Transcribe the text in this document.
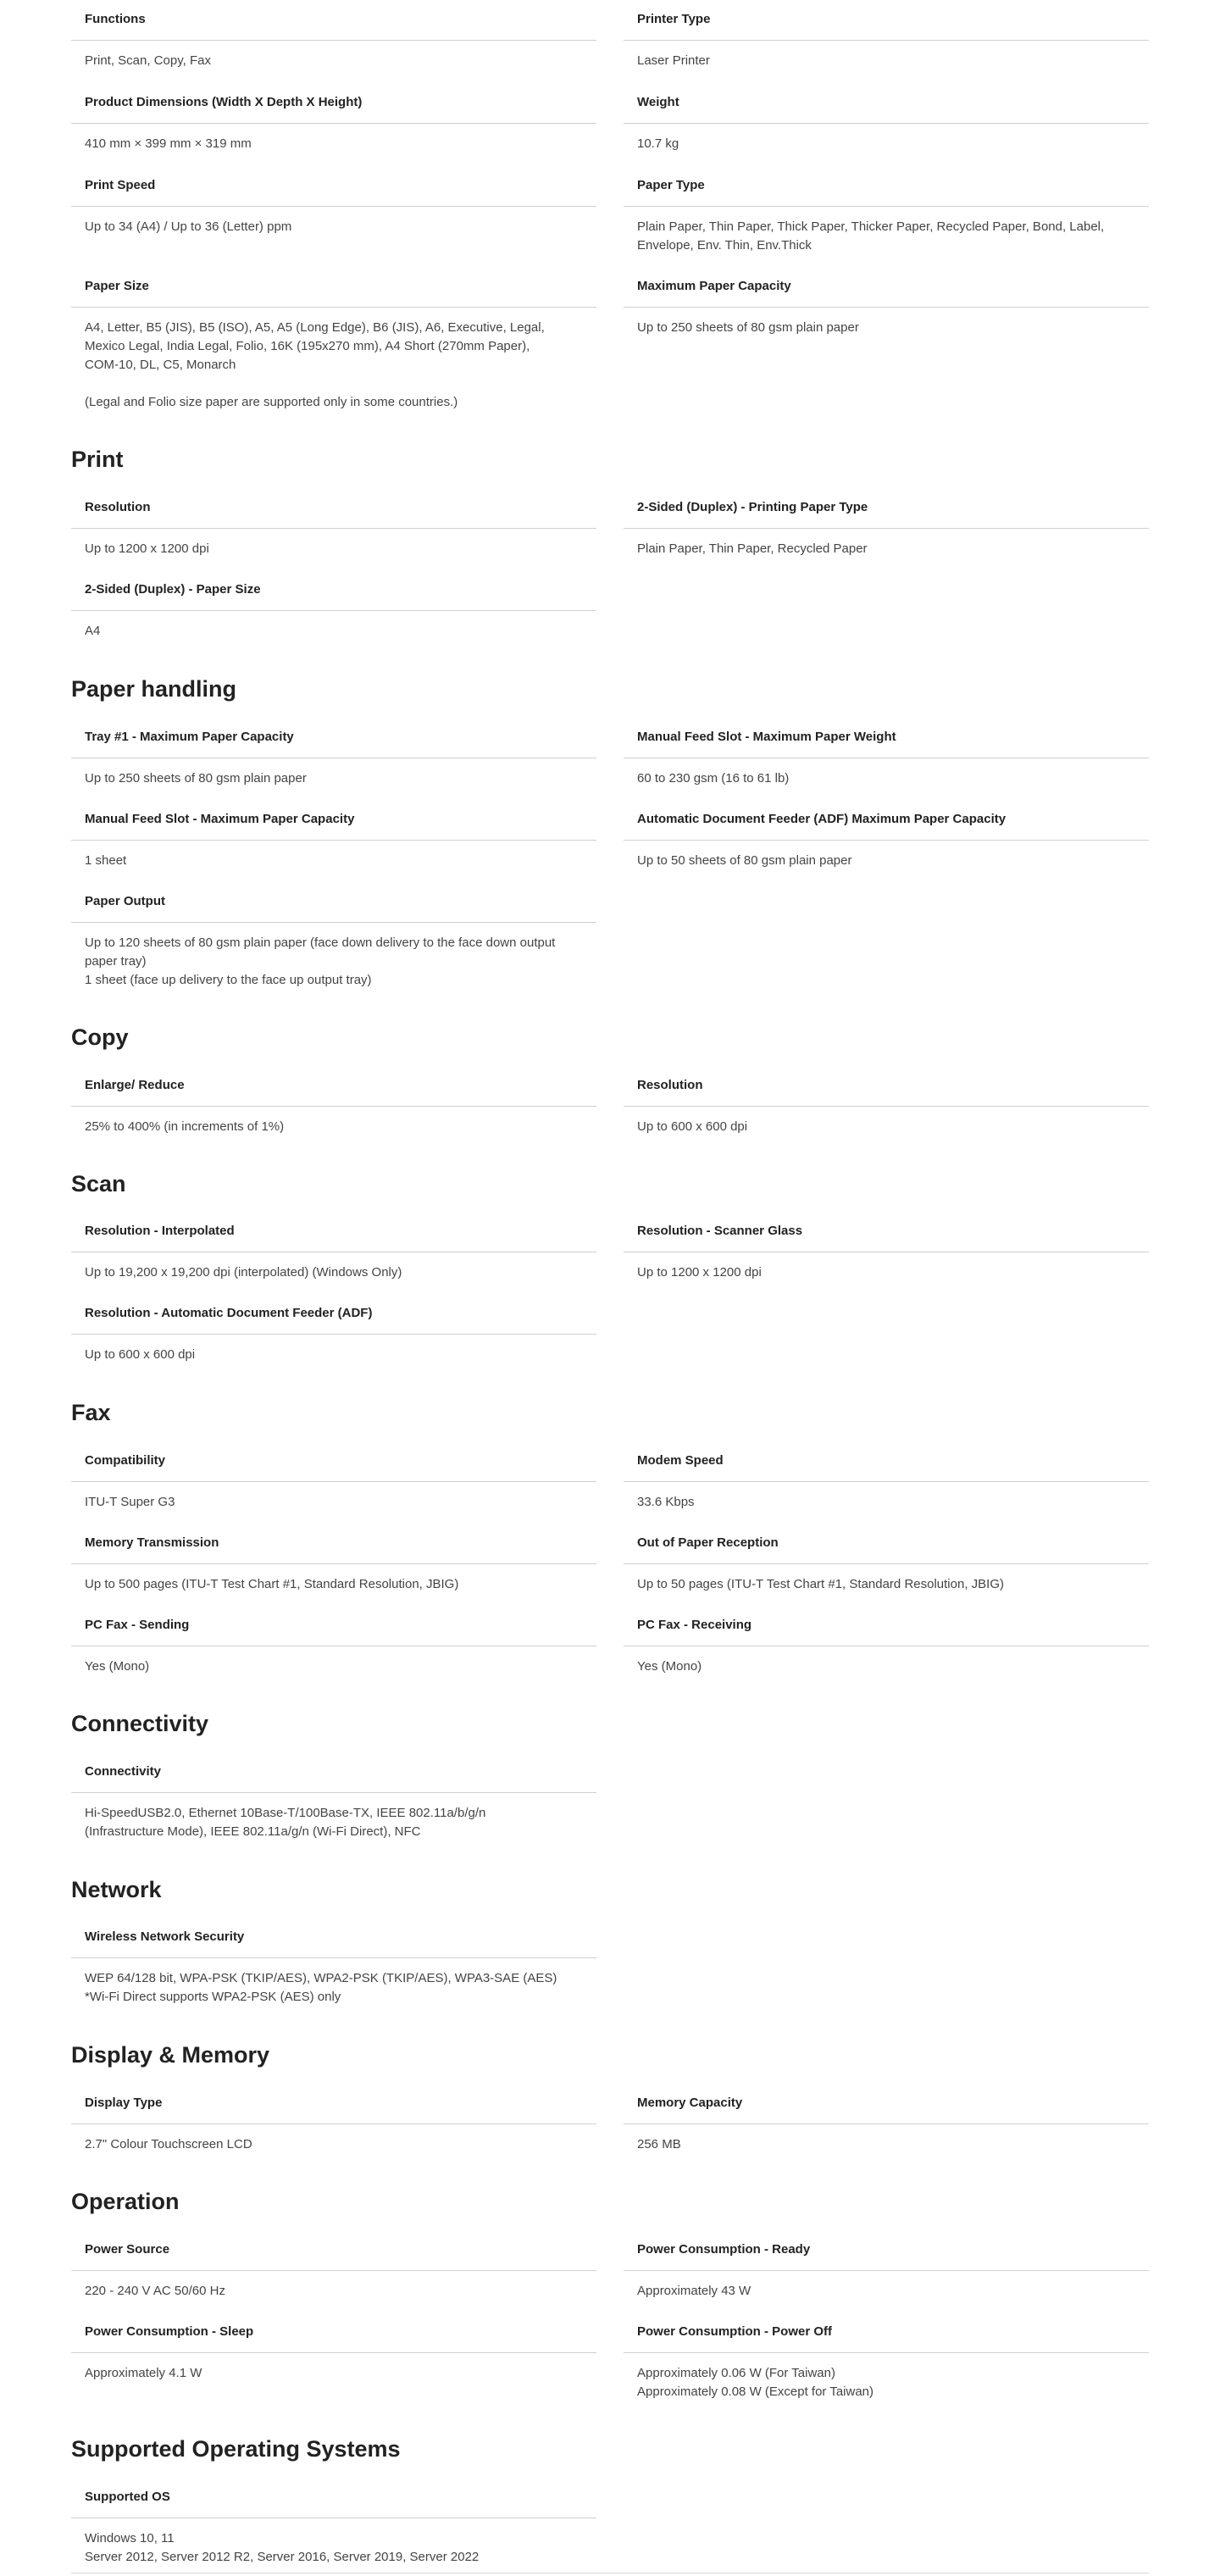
Functions
Print, Scan, Copy, Fax
Printer Type
Laser Printer
Product Dimensions (Width X Depth X Height)
410 mm × 399 mm × 319 mm
Weight
10.7 kg
Print Speed
Up to 34 (A4) / Up to 36 (Letter) ppm
Paper Type
Plain Paper, Thin Paper, Thick Paper, Thicker Paper, Recycled Paper, Bond, Label,
Envelope, Env. Thin, Env.Thick
Paper Size
A4, Letter, B5 (JIS), B5 (ISO), A5, A5 (Long Edge), B6 (JIS), A6, Executive, Legal,
Mexico Legal, India Legal, Folio, 16K (195x270 mm), A4 Short (270mm Paper),
COM-10, DL, C5, Monarch
(Legal and Folio size paper are supported only in some countries.)
Maximum Paper Capacity
Up to 250 sheets of 80 gsm plain paper
Print
Resolution
Up to 1200 x 1200 dpi
2-Sided (Duplex) - Printing Paper Type
Plain Paper, Thin Paper, Recycled Paper
2-Sided (Duplex) - Paper Size
A4
Paper handling
Tray #1 - Maximum Paper Capacity
Up to 250 sheets of 80 gsm plain paper
Manual Feed Slot - Maximum Paper Weight
60 to 230 gsm (16 to 61 lb)
Manual Feed Slot - Maximum Paper Capacity
1 sheet
Automatic Document Feeder (ADF) Maximum Paper Capacity
Up to 50 sheets of 80 gsm plain paper
Paper Output
Up to 120 sheets of 80 gsm plain paper (face down delivery to the face down output
paper tray)
1 sheet (face up delivery to the face up output tray)
Copy
Enlarge/ Reduce
25% to 400% (in increments of 1%)
Resolution
Up to 600 x 600 dpi
Scan
Resolution - Interpolated
Up to 19,200 x 19,200 dpi (interpolated) (Windows Only)
Resolution - Scanner Glass
Up to 1200 x 1200 dpi
Resolution - Automatic Document Feeder (ADF)
Up to 600 x 600 dpi
Fax
Compatibility
ITU-T Super G3
Modem Speed
33.6 Kbps
Memory Transmission
Up to 500 pages (ITU-T Test Chart #1, Standard Resolution, JBIG)
Out of Paper Reception
Up to 50 pages (ITU-T Test Chart #1, Standard Resolution, JBIG)
PC Fax - Sending
Yes (Mono)
PC Fax - Receiving
Yes (Mono)
Connectivity
Connectivity
Hi-SpeedUSB2.0, Ethernet 10Base-T/100Base-TX, IEEE 802.11a/b/g/n
(Infrastructure Mode), IEEE 802.11a/g/n (Wi-Fi Direct), NFC
Network
Wireless Network Security
WEP 64/128 bit, WPA-PSK (TKIP/AES), WPA2-PSK (TKIP/AES), WPA3-SAE (AES)
*Wi-Fi Direct supports WPA2-PSK (AES) only
Display & Memory
Display Type
2.7" Colour Touchscreen LCD
Memory Capacity
256 MB
Operation
Power Source
220 - 240 V AC 50/60 Hz
Power Consumption - Ready
Approximately 43 W
Power Consumption - Sleep
Approximately 4.1 W
Power Consumption - Power Off
Approximately 0.06 W (For Taiwan)
Approximately 0.08 W (Except for Taiwan)
Supported Operating Systems
Supported OS
Windows 10, 11
Server 2012, Server 2012 R2, Server 2016, Server 2019, Server 2022
